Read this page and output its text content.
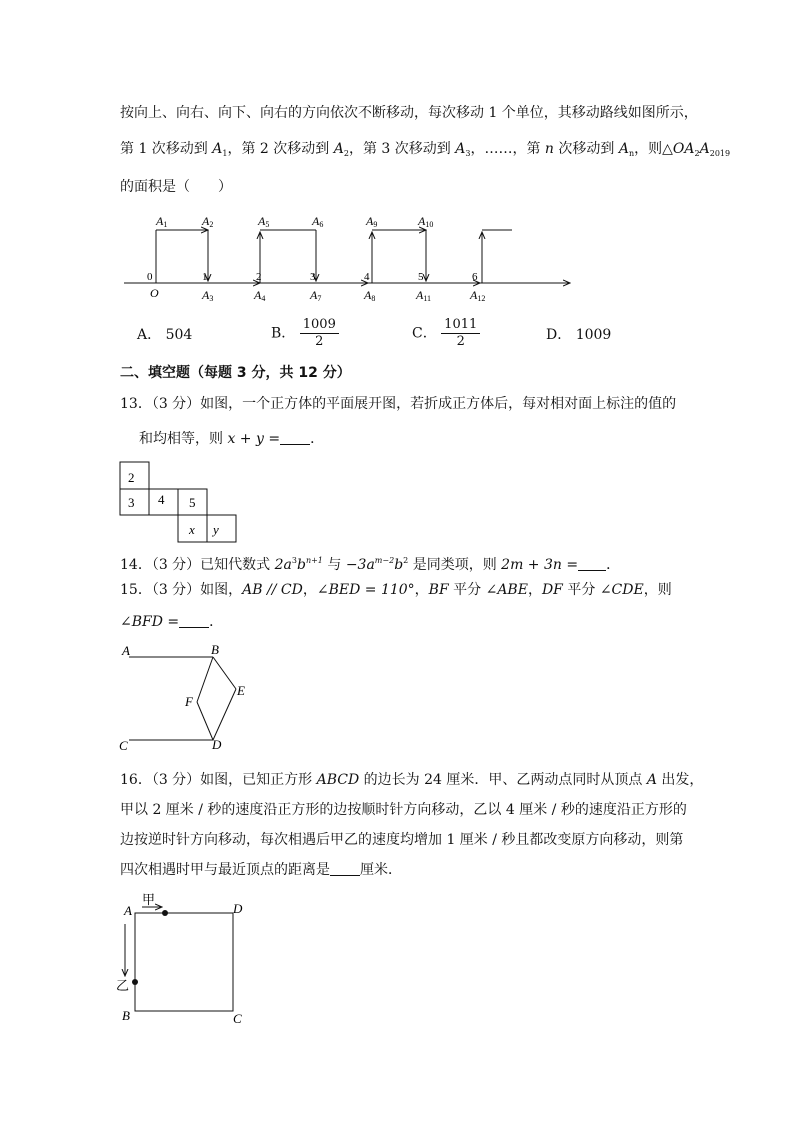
按向上、向右、向下、向右的方向依次不断移动，每次移动 1 个单位，其移动路线如图所示，
第 1 次移动到 $A_1$，第 2 次移动到 $A_2$，第 3 次移动到 $A_3$，……，第 n 次移动到 $A_n$，则$\triangle OA_2A_{2019}$
的面积是（　　）
A1	A2	A5	A6	A9	A10
0	1	2	3	4	5	6
O	A3	A4	A7	A8	A11	A12
A． 504	B． $\frac{1009}{2}$	C． $\frac{1011}{2}$	D． 1009
二、填空题（每题 3 分，共 12 分）
13．（3 分）如图，一个正方体的平面展开图，若折成正方体后，每对相对面上标注的值的
和均相等，则 x + y = ．
2
3 4 5
x y
14．（3 分）已知代数式 $2a^3b^{n+1}$ 与 $-3a^{m-2}b^2$ 是同类项，则 2m + 3n = ．
15．（3 分）如图，AB // CD，∠BED = 110°，BF 平分 ∠ABE，DF 平分 ∠CDE，则
∠BFD = ．
A	B
E
F
C	D
16．（3 分）如图，已知正方形 ABCD 的边长为 24 厘米．甲、乙两动点同时从顶点 A 出发，
甲以 2 厘米 / 秒的速度沿正方形的边按顺时针方向移动，乙以 4 厘米 / 秒的速度沿正方形的
边按逆时针方向移动，每次相遇后甲乙的速度均增加 1 厘米 / 秒且都改变原方向移动，则第
四次相遇时甲与最近顶点的距离是 厘米．
A	D
B	C
甲
乙
